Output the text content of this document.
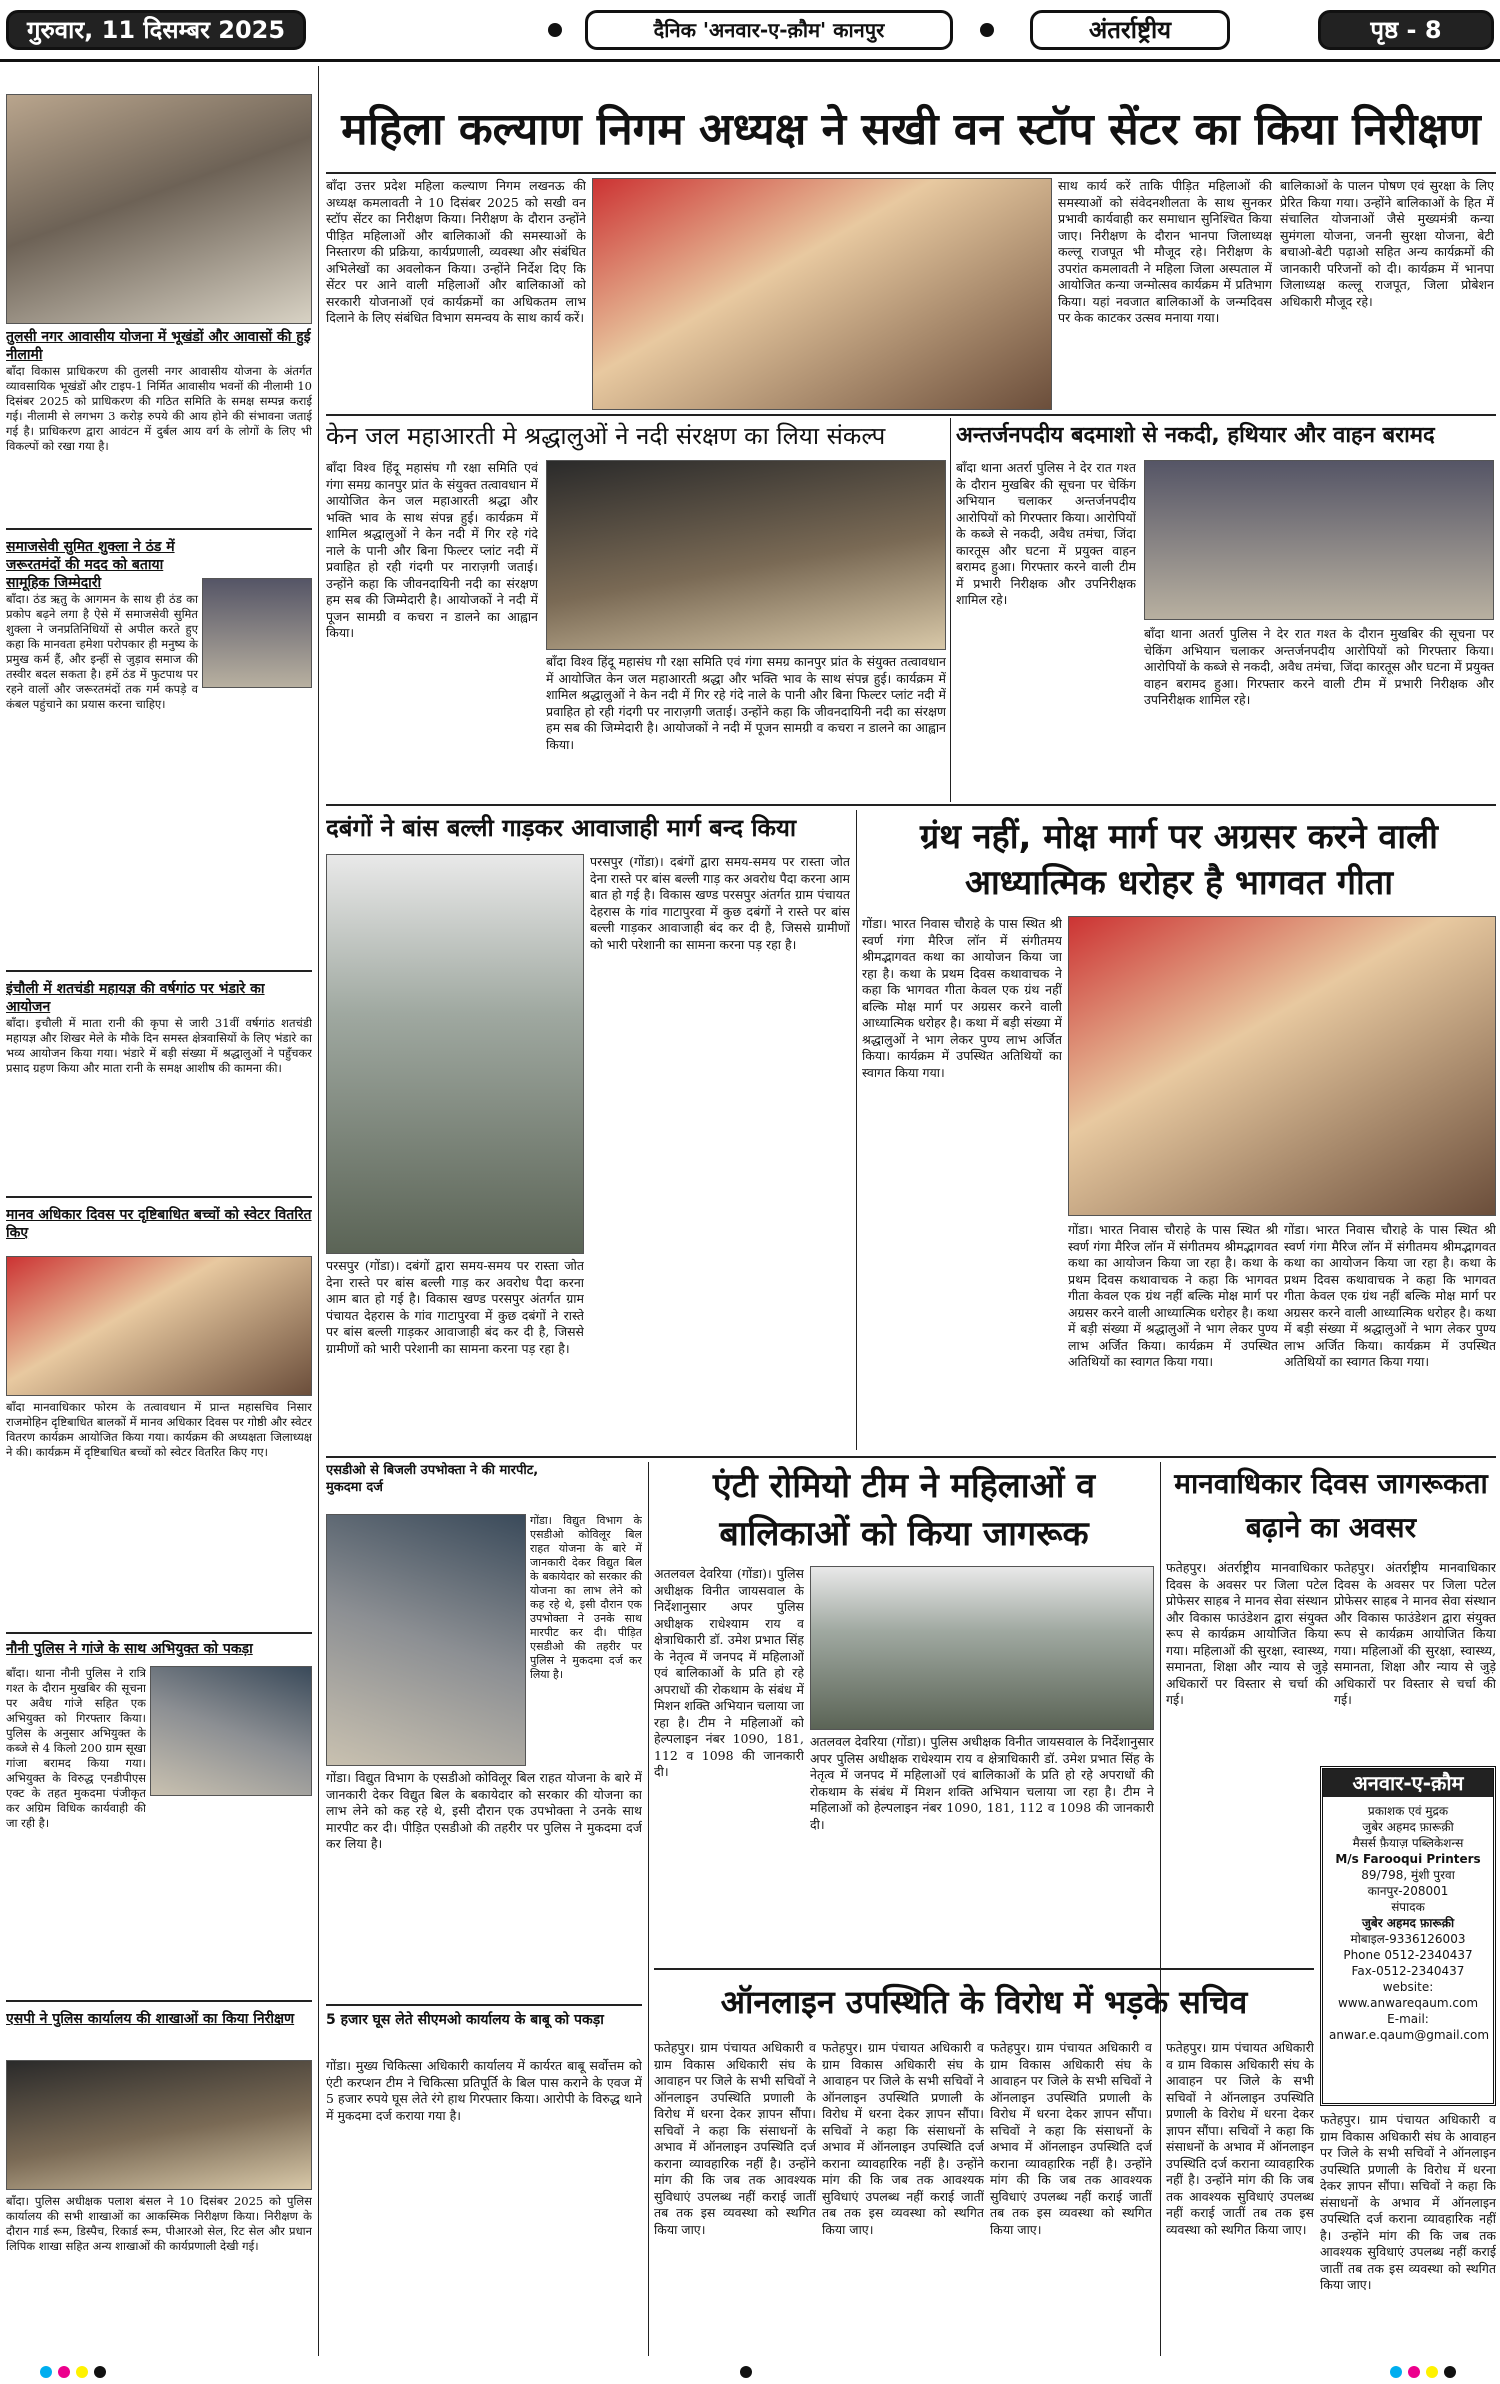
गुरुवार, 11 दिसम्बर 2025	दैनिक 'अनवार-ए-क़ौम' कानपुर	अंतर्राष्ट्रीय	पृष्ठ - 8
तुलसी नगर आवासीय योजना में भूखंडों और आवासों की हुई नीलामी
बाँदा विकास प्राधिकरण की तुलसी नगर आवासीय योजना के अंतर्गत व्यावसायिक भूखंडों और टाइप-1 निर्मित आवासीय भवनों की नीलामी 10 दिसंबर 2025 को प्राधिकरण की गठित समिति के समक्ष सम्पन्न कराई गई। नीलामी से लगभग 3 करोड़ रुपये की आय होने की संभावना जताई गई है। प्राधिकरण द्वारा आवंटन में दुर्बल आय वर्ग के लोगों के लिए भी विकल्पों को रखा गया है।
समाजसेवी सुमित शुक्ला ने ठंड में जरूरतमंदों की मदद को बताया सामूहिक जिम्मेदारी
बाँदा। ठंड ऋतु के आगमन के साथ ही ठंड का प्रकोप बढ़ने लगा है ऐसे में समाजसेवी सुमित शुक्ला ने जनप्रतिनिधियों से अपील करते हुए कहा कि मानवता हमेशा परोपकार ही मनुष्य के प्रमुख कर्म हैं, और इन्हीं से जुड़ाव समाज की तस्वीर बदल सकता है। हमें ठंड में फुटपाथ पर रहने वालों और जरूरतमंदों तक गर्म कपड़े व कंबल पहुंचाने का प्रयास करना चाहिए।
इंचौली में शतचंडी महायज्ञ की वर्षगांठ पर भंडारे का आयोजन
बाँदा। इचौली में माता रानी की कृपा से जारी 31वीं वर्षगांठ शतचंडी महायज्ञ और शिखर मेले के मौके दिन समस्त क्षेत्रवासियों के लिए भंडारे का भव्य आयोजन किया गया। भंडारे में बड़ी संख्या में श्रद्धालुओं ने पहुँचकर प्रसाद ग्रहण किया और माता रानी के समक्ष आशीष की कामना की।
मानव अधिकार दिवस पर दृष्टिबाधित बच्चों को स्वेटर वितरित किए
बाँदा मानवाधिकार फोरम के तत्वावधान में प्रान्त महासचिव निसार राजमोहिन दृष्टिबाधित बालकों में मानव अधिकार दिवस पर गोष्ठी और स्वेटर वितरण कार्यक्रम आयोजित किया गया। कार्यक्रम की अध्यक्षता जिलाध्यक्ष ने की। कार्यक्रम में दृष्टिबाधित बच्चों को स्वेटर वितरित किए गए।
नौनी पुलिस ने गांजे के साथ अभियुक्त को पकड़ा
बाँदा। थाना नौनी पुलिस ने रात्रि गश्त के दौरान मुखबिर की सूचना पर अवैध गांजे सहित एक अभियुक्त को गिरफ्तार किया। पुलिस के अनुसार अभियुक्त के कब्जे से 4 किलो 200 ग्राम सूखा गांजा बरामद किया गया। अभियुक्त के विरुद्ध एनडीपीएस एक्ट के तहत मुकदमा पंजीकृत कर अग्रिम विधिक कार्यवाही की जा रही है।
एसपी ने पुलिस कार्यालय की शाखाओं का किया निरीक्षण
बाँदा। पुलिस अधीक्षक पलाश बंसल ने 10 दिसंबर 2025 को पुलिस कार्यालय की सभी शाखाओं का आकस्मिक निरीक्षण किया। निरीक्षण के दौरान गार्ड रूम, डिस्पैच, रिकार्ड रूम, पीआरओ सेल, रिट सेल और प्रधान लिपिक शाखा सहित अन्य शाखाओं की कार्यप्रणाली देखी गई।
महिला कल्याण निगम अध्यक्ष ने सखी वन स्टॉप सेंटर का किया निरीक्षण
बाँदा उत्तर प्रदेश महिला कल्याण निगम लखनऊ की अध्यक्ष कमलावती ने 10 दिसंबर 2025 को सखी वन स्टॉप सेंटर का निरीक्षण किया। निरीक्षण के दौरान उन्होंने पीड़ित महिलाओं और बालिकाओं की समस्याओं के निस्तारण की प्रक्रिया, कार्यप्रणाली, व्यवस्था और संबंधित अभिलेखों का अवलोकन किया। उन्होंने निर्देश दिए कि सेंटर पर आने वाली महिलाओं और बालिकाओं को सरकारी योजनाओं एवं कार्यक्रमों का अधिकतम लाभ दिलाने के लिए संबंधित विभाग समन्वय के साथ कार्य करें।
साथ कार्य करें ताकि पीड़ित महिलाओं की समस्याओं को संवेदनशीलता के साथ सुनकर प्रभावी कार्यवाही कर समाधान सुनिश्चित किया जाए। निरीक्षण के दौरान भानपा जिलाध्यक्ष कल्लू राजपूत भी मौजूद रहे। निरीक्षण के उपरांत कमलावती ने महिला जिला अस्पताल में आयोजित कन्या जन्मोत्सव कार्यक्रम में प्रतिभाग किया। यहां नवजात बालिकाओं के जन्मदिवस पर केक काटकर उत्सव मनाया गया।
बालिकाओं के पालन पोषण एवं सुरक्षा के लिए प्रेरित किया गया। उन्होंने बालिकाओं के हित में संचालित योजनाओं जैसे मुख्यमंत्री कन्या सुमंगला योजना, जननी सुरक्षा योजना, बेटी बचाओ-बेटी पढ़ाओ सहित अन्य कार्यक्रमों की जानकारी परिजनों को दी। कार्यक्रम में भानपा जिलाध्यक्ष कल्लू राजपूत, जिला प्रोबेशन अधिकारी मौजूद रहे।
केन जल महाआरती मे श्रद्धालुओं ने नदी संरक्षण का लिया संकल्प
बाँदा विश्व हिंदू महासंघ गौ रक्षा समिति एवं गंगा समग्र कानपुर प्रांत के संयुक्त तत्वावधान में आयोजित केन जल महाआरती श्रद्धा और भक्ति भाव के साथ संपन्न हुई। कार्यक्रम में शामिल श्रद्धालुओं ने केन नदी में गिर रहे गंदे नाले के पानी और बिना फिल्टर प्लांट नदी में प्रवाहित हो रही गंदगी पर नाराज़गी जताई। उन्होंने कहा कि जीवनदायिनी नदी का संरक्षण हम सब की जिम्मेदारी है। आयोजकों ने नदी में पूजन सामग्री व कचरा न डालने का आह्वान किया।
बाँदा विश्व हिंदू महासंघ गौ रक्षा समिति एवं गंगा समग्र कानपुर प्रांत के संयुक्त तत्वावधान में आयोजित केन जल महाआरती श्रद्धा और भक्ति भाव के साथ संपन्न हुई। कार्यक्रम में शामिल श्रद्धालुओं ने केन नदी में गिर रहे गंदे नाले के पानी और बिना फिल्टर प्लांट नदी में प्रवाहित हो रही गंदगी पर नाराज़गी जताई। उन्होंने कहा कि जीवनदायिनी नदी का संरक्षण हम सब की जिम्मेदारी है। आयोजकों ने नदी में पूजन सामग्री व कचरा न डालने का आह्वान किया।
अन्तर्जनपदीय बदमाशो से नकदी, हथियार और वाहन बरामद
बाँदा थाना अतर्रा पुलिस ने देर रात गश्त के दौरान मुखबिर की सूचना पर चेकिंग अभियान चलाकर अन्तर्जनपदीय आरोपियों को गिरफ्तार किया। आरोपियों के कब्जे से नकदी, अवैध तमंचा, जिंदा कारतूस और घटना में प्रयुक्त वाहन बरामद हुआ। गिरफ्तार करने वाली टीम में प्रभारी निरीक्षक और उपनिरीक्षक शामिल रहे।
बाँदा थाना अतर्रा पुलिस ने देर रात गश्त के दौरान मुखबिर की सूचना पर चेकिंग अभियान चलाकर अन्तर्जनपदीय आरोपियों को गिरफ्तार किया। आरोपियों के कब्जे से नकदी, अवैध तमंचा, जिंदा कारतूस और घटना में प्रयुक्त वाहन बरामद हुआ। गिरफ्तार करने वाली टीम में प्रभारी निरीक्षक और उपनिरीक्षक शामिल रहे।
दबंगों ने बांस बल्ली गाड़कर आवाजाही मार्ग बन्द किया
परसपुर (गोंडा)। दबंगों द्वारा समय-समय पर रास्ता जोत देना रास्ते पर बांस बल्ली गाड़ कर अवरोध पैदा करना आम बात हो गई है। विकास खण्ड परसपुर अंतर्गत ग्राम पंचायत देहरास के गांव गाटापुरवा में कुछ दबंगों ने रास्ते पर बांस बल्ली गाड़कर आवाजाही बंद कर दी है, जिससे ग्रामीणों को भारी परेशानी का सामना करना पड़ रहा है।
परसपुर (गोंडा)। दबंगों द्वारा समय-समय पर रास्ता जोत देना रास्ते पर बांस बल्ली गाड़ कर अवरोध पैदा करना आम बात हो गई है। विकास खण्ड परसपुर अंतर्गत ग्राम पंचायत देहरास के गांव गाटापुरवा में कुछ दबंगों ने रास्ते पर बांस बल्ली गाड़कर आवाजाही बंद कर दी है, जिससे ग्रामीणों को भारी परेशानी का सामना करना पड़ रहा है।
ग्रंथ नहीं, मोक्ष मार्ग पर अग्रसर करने वाली आध्यात्मिक धरोहर है भागवत गीता
गोंडा। भारत निवास चौराहे के पास स्थित श्री स्वर्ण गंगा मैरिज लॉन में संगीतमय श्रीमद्भागवत कथा का आयोजन किया जा रहा है। कथा के प्रथम दिवस कथावाचक ने कहा कि भागवत गीता केवल एक ग्रंथ नहीं बल्कि मोक्ष मार्ग पर अग्रसर करने वाली आध्यात्मिक धरोहर है। कथा में बड़ी संख्या में श्रद्धालुओं ने भाग लेकर पुण्य लाभ अर्जित किया। कार्यक्रम में उपस्थित अतिथियों का स्वागत किया गया।
गोंडा। भारत निवास चौराहे के पास स्थित श्री स्वर्ण गंगा मैरिज लॉन में संगीतमय श्रीमद्भागवत कथा का आयोजन किया जा रहा है। कथा के प्रथम दिवस कथावाचक ने कहा कि भागवत गीता केवल एक ग्रंथ नहीं बल्कि मोक्ष मार्ग पर अग्रसर करने वाली आध्यात्मिक धरोहर है। कथा में बड़ी संख्या में श्रद्धालुओं ने भाग लेकर पुण्य लाभ अर्जित किया। कार्यक्रम में उपस्थित अतिथियों का स्वागत किया गया।
गोंडा। भारत निवास चौराहे के पास स्थित श्री स्वर्ण गंगा मैरिज लॉन में संगीतमय श्रीमद्भागवत कथा का आयोजन किया जा रहा है। कथा के प्रथम दिवस कथावाचक ने कहा कि भागवत गीता केवल एक ग्रंथ नहीं बल्कि मोक्ष मार्ग पर अग्रसर करने वाली आध्यात्मिक धरोहर है। कथा में बड़ी संख्या में श्रद्धालुओं ने भाग लेकर पुण्य लाभ अर्जित किया। कार्यक्रम में उपस्थित अतिथियों का स्वागत किया गया।
एसडीओ से बिजली उपभोक्ता ने की मारपीट, मुकदमा दर्ज
गोंडा। विद्युत विभाग के एसडीओ कोविलूर बिल राहत योजना के बारे में जानकारी देकर विद्युत बिल के बकायेदार को सरकार की योजना का लाभ लेने को कह रहे थे, इसी दौरान एक उपभोक्ता ने उनके साथ मारपीट कर दी। पीड़ित एसडीओ की तहरीर पर पुलिस ने मुकदमा दर्ज कर लिया है।
गोंडा। विद्युत विभाग के एसडीओ कोविलूर बिल राहत योजना के बारे में जानकारी देकर विद्युत बिल के बकायेदार को सरकार की योजना का लाभ लेने को कह रहे थे, इसी दौरान एक उपभोक्ता ने उनके साथ मारपीट कर दी। पीड़ित एसडीओ की तहरीर पर पुलिस ने मुकदमा दर्ज कर लिया है।
5 हजार घूस लेते सीएमओ कार्यालय के बाबू को पकड़ा
गोंडा। मुख्य चिकित्सा अधिकारी कार्यालय में कार्यरत बाबू सर्वोत्तम को एंटी करप्शन टीम ने चिकित्सा प्रतिपूर्ति के बिल पास कराने के एवज में 5 हजार रुपये घूस लेते रंगे हाथ गिरफ्तार किया। आरोपी के विरुद्ध थाने में मुकदमा दर्ज कराया गया है।
एंटी रोमियो टीम ने महिलाओं व बालिकाओं को किया जागरूक
अतलवल देवरिया (गोंडा)। पुलिस अधीक्षक विनीत जायसवाल के निर्देशानुसार अपर पुलिस अधीक्षक राधेश्याम राय व क्षेत्राधिकारी डॉ. उमेश प्रभात सिंह के नेतृत्व में जनपद में महिलाओं एवं बालिकाओं के प्रति हो रहे अपराधों की रोकथाम के संबंध में मिशन शक्ति अभियान चलाया जा रहा है। टीम ने महिलाओं को हेल्पलाइन नंबर 1090, 181, 112 व 1098 की जानकारी दी।
अतलवल देवरिया (गोंडा)। पुलिस अधीक्षक विनीत जायसवाल के निर्देशानुसार अपर पुलिस अधीक्षक राधेश्याम राय व क्षेत्राधिकारी डॉ. उमेश प्रभात सिंह के नेतृत्व में जनपद में महिलाओं एवं बालिकाओं के प्रति हो रहे अपराधों की रोकथाम के संबंध में मिशन शक्ति अभियान चलाया जा रहा है। टीम ने महिलाओं को हेल्पलाइन नंबर 1090, 181, 112 व 1098 की जानकारी दी।
मानवाधिकार दिवस जागरूकता बढ़ाने का अवसर
फतेहपुर। अंतर्राष्ट्रीय मानवाधिकार दिवस के अवसर पर जिला पटेल प्रोफेसर साहब ने मानव सेवा संस्थान और विकास फाउंडेशन द्वारा संयुक्त रूप से कार्यक्रम आयोजित किया गया। महिलाओं की सुरक्षा, स्वास्थ्य, समानता, शिक्षा और न्याय से जुड़े अधिकारों पर विस्तार से चर्चा की गई।
फतेहपुर। अंतर्राष्ट्रीय मानवाधिकार दिवस के अवसर पर जिला पटेल प्रोफेसर साहब ने मानव सेवा संस्थान और विकास फाउंडेशन द्वारा संयुक्त रूप से कार्यक्रम आयोजित किया गया। महिलाओं की सुरक्षा, स्वास्थ्य, समानता, शिक्षा और न्याय से जुड़े अधिकारों पर विस्तार से चर्चा की गई।
अनवार-ए-क़ौम
प्रकाशक एवं मुद्रक
जुबेर अहमद फ़ारूक़ी
मैसर्स फ़ैयाज़ पब्लिकेशन्स
M/s Farooqui Printers
89/798, मुंशी पुरवा कानपुर-208001
संपादक
जुबेर अहमद फ़ारूक़ी
मोबाइल-9336126003
Phone 0512-2340437
Fax-0512-2340437
website: www.anwareqaum.com
E-mail: anwar.e.qaum@gmail.com
ऑनलाइन उपस्थिति के विरोध में भड़के सचिव
फतेहपुर। ग्राम पंचायत अधिकारी व ग्राम विकास अधिकारी संघ के आवाहन पर जिले के सभी सचिवों ने ऑनलाइन उपस्थिति प्रणाली के विरोध में धरना देकर ज्ञापन सौंपा। सचिवों ने कहा कि संसाधनों के अभाव में ऑनलाइन उपस्थिति दर्ज कराना व्यावहारिक नहीं है। उन्होंने मांग की कि जब तक आवश्यक सुविधाएं उपलब्ध नहीं कराई जातीं तब तक इस व्यवस्था को स्थगित किया जाए।
फतेहपुर। ग्राम पंचायत अधिकारी व ग्राम विकास अधिकारी संघ के आवाहन पर जिले के सभी सचिवों ने ऑनलाइन उपस्थिति प्रणाली के विरोध में धरना देकर ज्ञापन सौंपा। सचिवों ने कहा कि संसाधनों के अभाव में ऑनलाइन उपस्थिति दर्ज कराना व्यावहारिक नहीं है। उन्होंने मांग की कि जब तक आवश्यक सुविधाएं उपलब्ध नहीं कराई जातीं तब तक इस व्यवस्था को स्थगित किया जाए।
फतेहपुर। ग्राम पंचायत अधिकारी व ग्राम विकास अधिकारी संघ के आवाहन पर जिले के सभी सचिवों ने ऑनलाइन उपस्थिति प्रणाली के विरोध में धरना देकर ज्ञापन सौंपा। सचिवों ने कहा कि संसाधनों के अभाव में ऑनलाइन उपस्थिति दर्ज कराना व्यावहारिक नहीं है। उन्होंने मांग की कि जब तक आवश्यक सुविधाएं उपलब्ध नहीं कराई जातीं तब तक इस व्यवस्था को स्थगित किया जाए।
फतेहपुर। ग्राम पंचायत अधिकारी व ग्राम विकास अधिकारी संघ के आवाहन पर जिले के सभी सचिवों ने ऑनलाइन उपस्थिति प्रणाली के विरोध में धरना देकर ज्ञापन सौंपा। सचिवों ने कहा कि संसाधनों के अभाव में ऑनलाइन उपस्थिति दर्ज कराना व्यावहारिक नहीं है। उन्होंने मांग की कि जब तक आवश्यक सुविधाएं उपलब्ध नहीं कराई जातीं तब तक इस व्यवस्था को स्थगित किया जाए।
फतेहपुर। ग्राम पंचायत अधिकारी व ग्राम विकास अधिकारी संघ के आवाहन पर जिले के सभी सचिवों ने ऑनलाइन उपस्थिति प्रणाली के विरोध में धरना देकर ज्ञापन सौंपा। सचिवों ने कहा कि संसाधनों के अभाव में ऑनलाइन उपस्थिति दर्ज कराना व्यावहारिक नहीं है। उन्होंने मांग की कि जब तक आवश्यक सुविधाएं उपलब्ध नहीं कराई जातीं तब तक इस व्यवस्था को स्थगित किया जाए।
